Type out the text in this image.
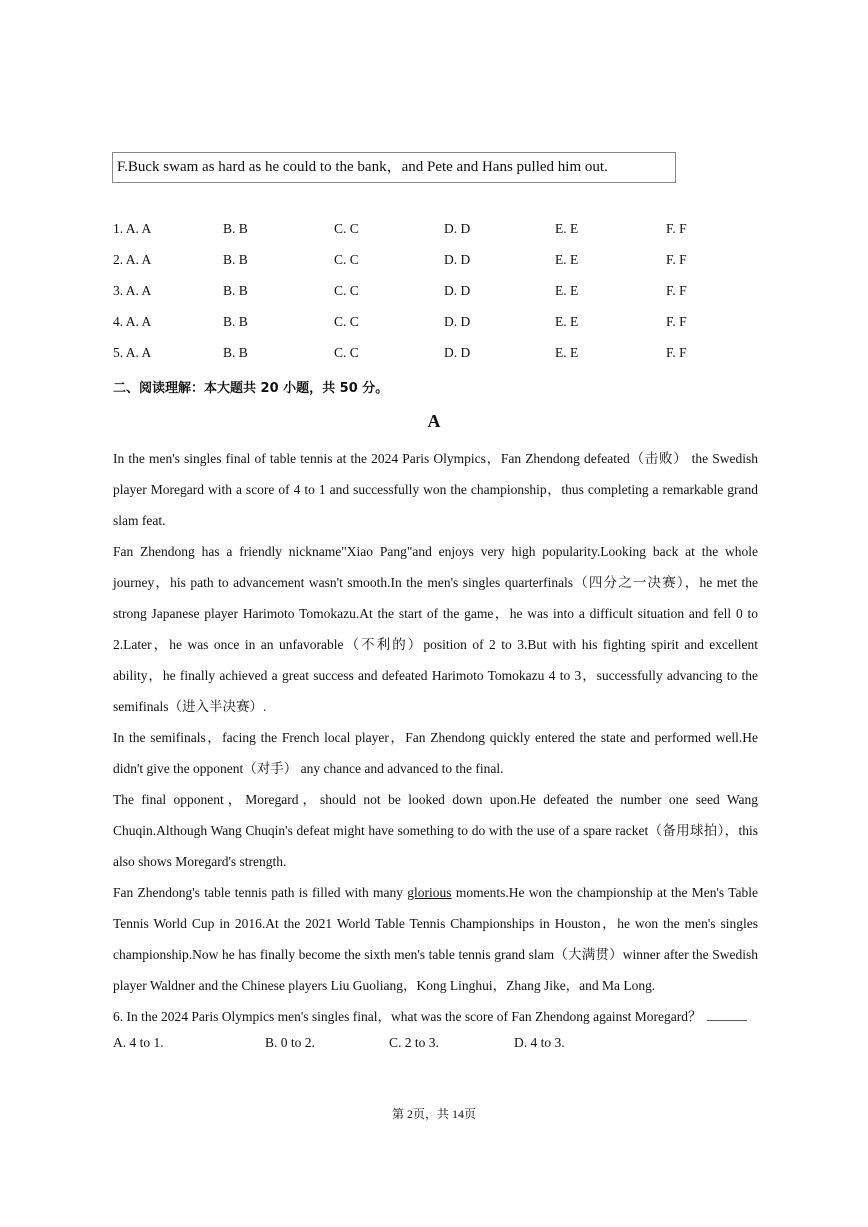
F.Buck swam as hard as he could to the bank，and Pete and Hans pulled him out.
1. A. A	B. B	C. C	D. D	E. E	F. F
2. A. A	B. B	C. C	D. D	E. E	F. F
3. A. A	B. B	C. C	D. D	E. E	F. F
4. A. A	B. B	C. C	D. D	E. E	F. F
5. A. A	B. B	C. C	D. D	E. E	F. F
二、阅读理解：本大题共 20 小题，共 50 分。
A

In the men's singles final of table tennis at the 2024 Paris Olympics，Fan Zhendong defeated（击败） the Swedish player Moregard with a score of 4 to 1 and successfully won the championship，thus completing a remarkable grand slam feat.

Fan Zhendong has a friendly nickname"Xiao Pang"and enjoys very high popularity.Looking back at the whole journey，his path to advancement wasn't smooth.In the men's singles quarterfinals（四分之一决赛），he met the strong Japanese player Harimoto Tomokazu.At the start of the game，he was into a difficult situation and fell 0 to 2.Later，he was once in an unfavorable（不利的）position of 2 to 3.But with his fighting spirit and excellent ability，he finally achieved a great success and defeated Harimoto Tomokazu 4 to 3，successfully advancing to the semifinals（进入半决赛）.

In the semifinals，facing the French local player，Fan Zhendong quickly entered the state and performed well.He didn't give the opponent（对手） any chance and advanced to the final.

The final opponent，Moregard，should not be looked down upon.He defeated the number one seed Wang Chuqin.Although Wang Chuqin's defeat might have something to do with the use of a spare racket（备用球拍），this also shows Moregard's strength.

Fan Zhendong's table tennis path is filled with many glorious moments.He won the championship at the Men's Table Tennis World Cup in 2016.At the 2021 World Table Tennis Championships in Houston，he won the men's singles championship.Now he has finally become the sixth men's table tennis grand slam（大满贯）winner after the Swedish player Waldner and the Chinese players Liu Guoliang，Kong Linghui，Zhang Jike，and Ma Long.

6. In the 2024 Paris Olympics men's singles final，what was the score of Fan Zhendong against Moregard？

A. 4 to 1.	B. 0 to 2.	C. 2 to 3.	D. 4 to 3.
第 2页，共 14页
